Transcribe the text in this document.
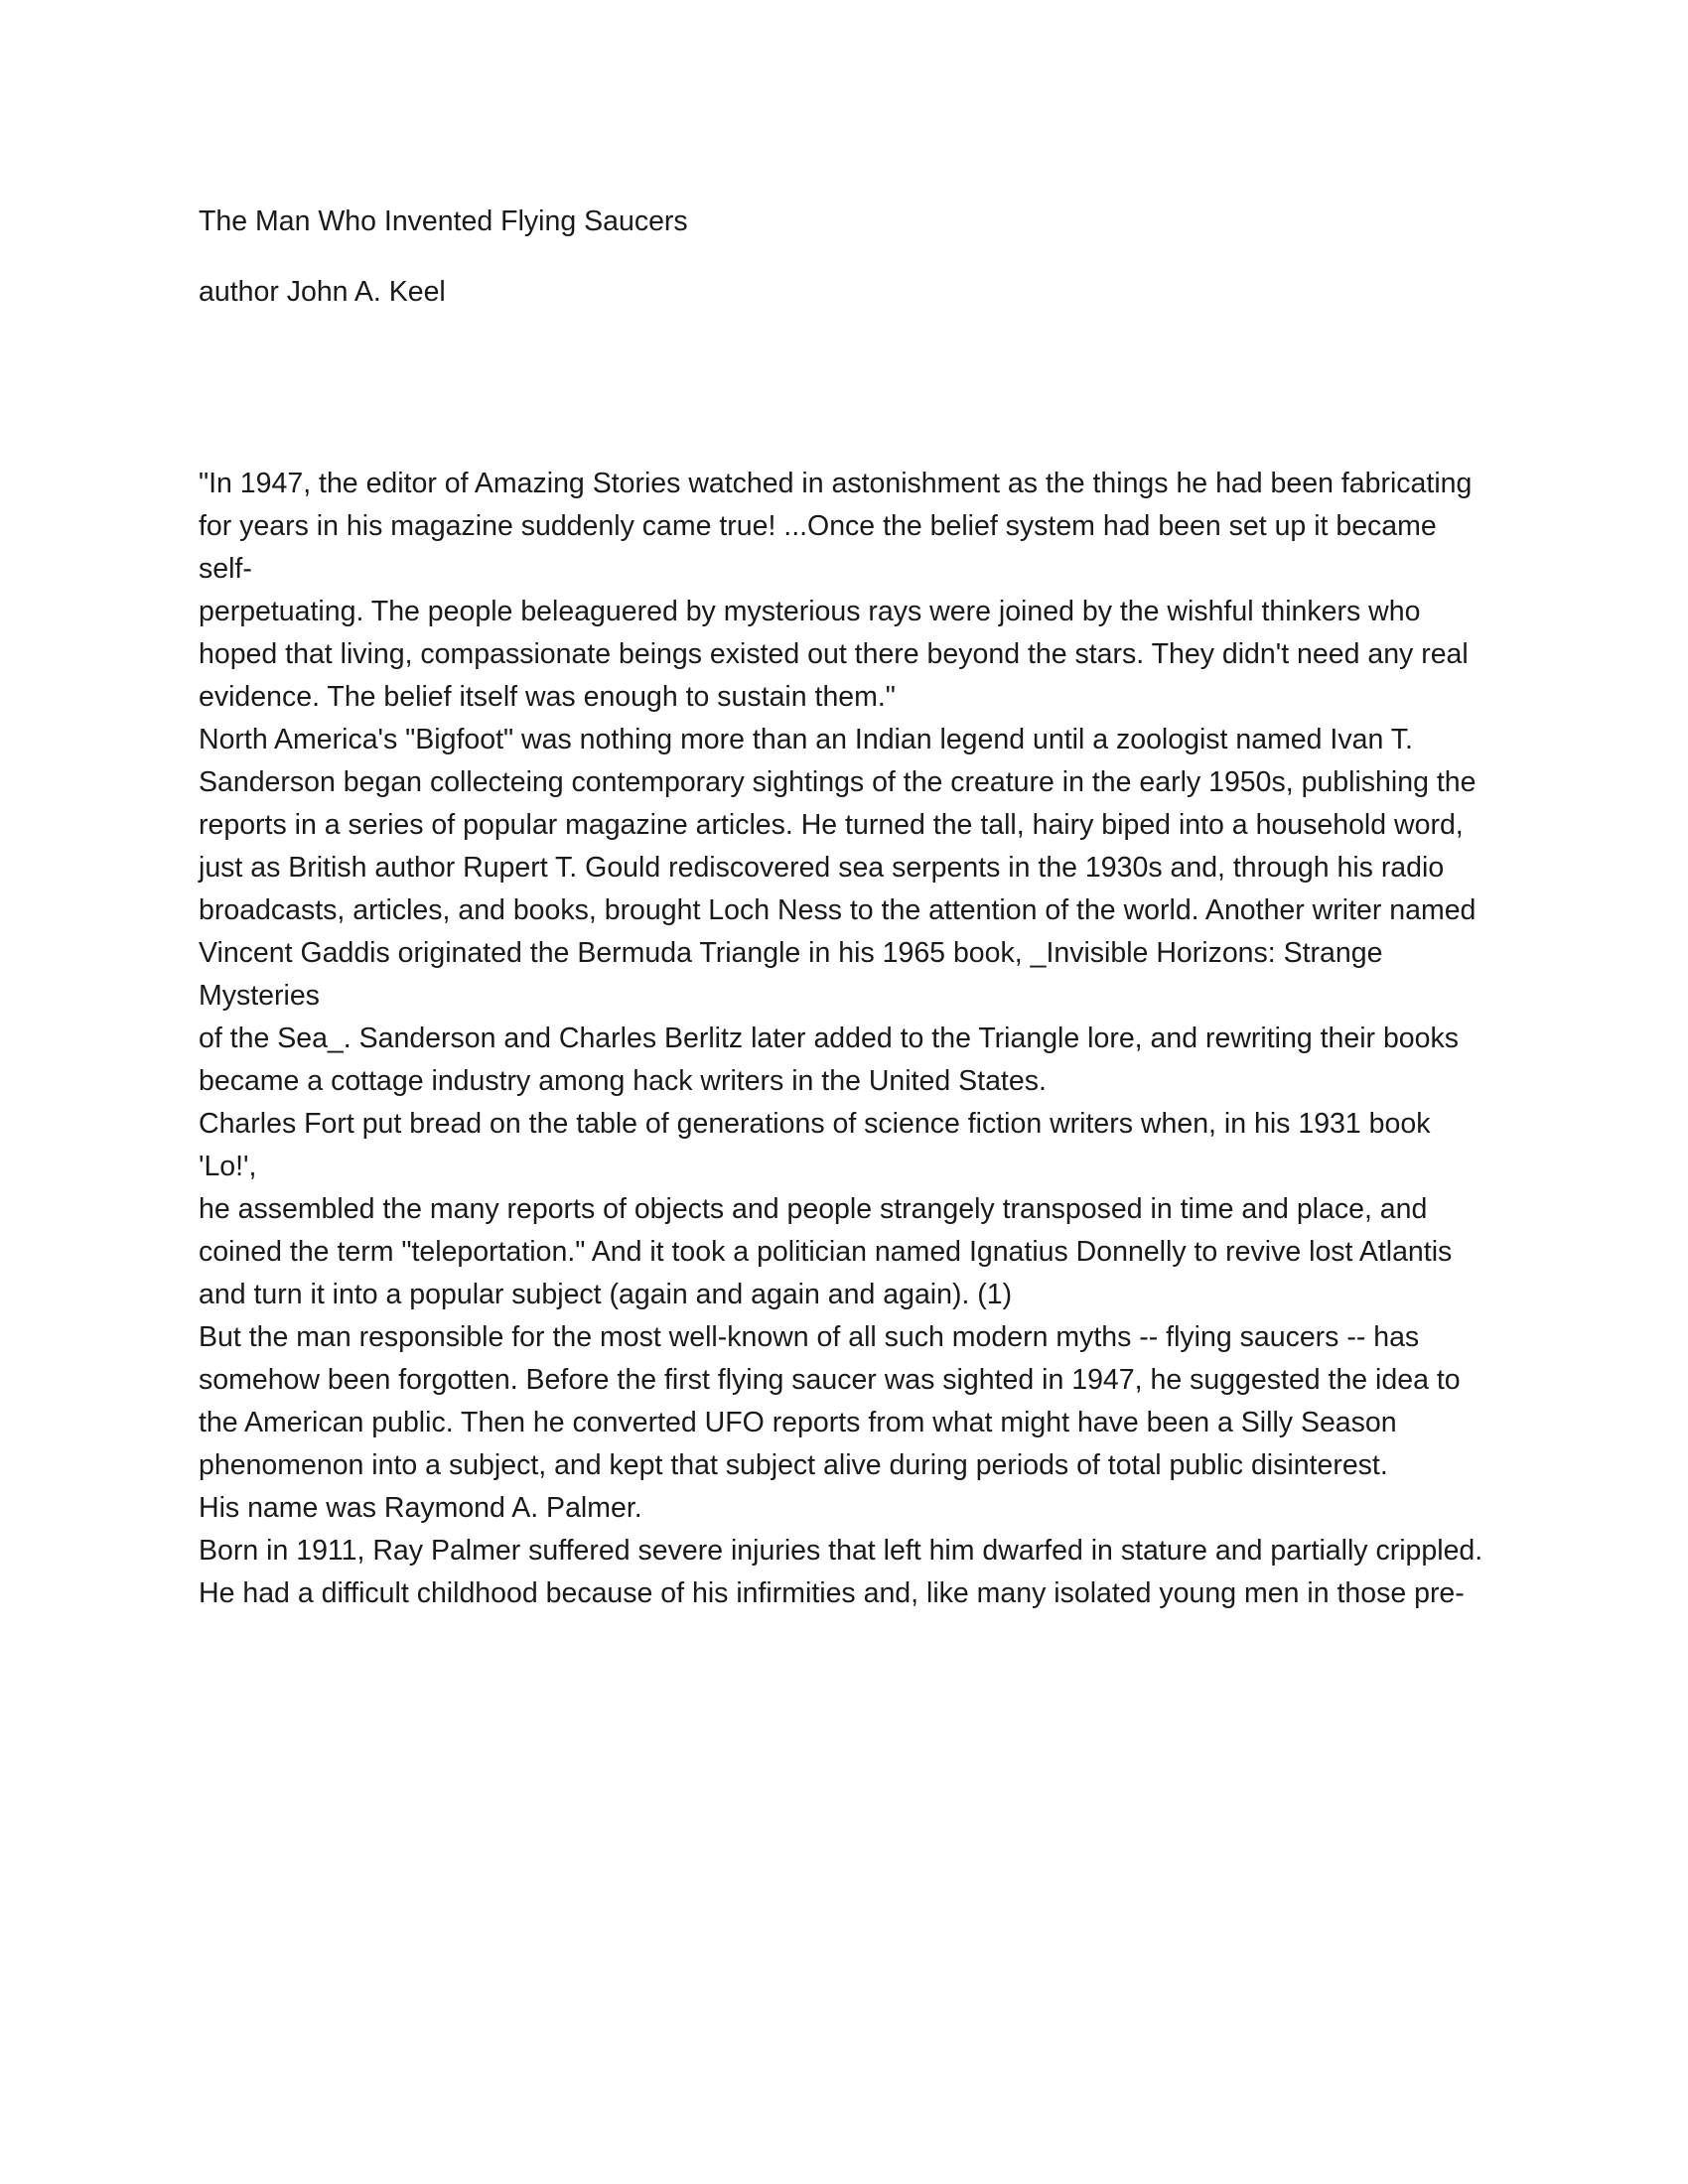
The Man Who Invented Flying Saucers

author John A. Keel

"In 1947, the editor of Amazing Stories watched in astonishment as the things he had been fabricating
for years in his magazine suddenly came true! ...Once the belief system had been set up it became self-
perpetuating. The people beleaguered by mysterious rays were joined by the wishful thinkers who
hoped that living, compassionate beings existed out there beyond the stars. They didn't need any real
evidence. The belief itself was enough to sustain them."

North America's "Bigfoot" was nothing more than an Indian legend until a zoologist named Ivan T.
Sanderson began collecteing contemporary sightings of the creature in the early 1950s, publishing the
reports in a series of popular magazine articles. He turned the tall, hairy biped into a household word,
just as British author Rupert T. Gould rediscovered sea serpents in the 1930s and, through his radio
broadcasts, articles, and books, brought Loch Ness to the attention of the world. Another writer named
Vincent Gaddis originated the Bermuda Triangle in his 1965 book, _Invisible Horizons: Strange Mysteries
of the Sea_. Sanderson and Charles Berlitz later added to the Triangle lore, and rewriting their books
became a cottage industry among hack writers in the United States.

Charles Fort put bread on the table of generations of science fiction writers when, in his 1931 book 'Lo!',
he assembled the many reports of objects and people strangely transposed in time and place, and
coined the term "teleportation." And it took a politician named Ignatius Donnelly to revive lost Atlantis
and turn it into a popular subject (again and again and again). (1)

But the man responsible for the most well-known of all such modern myths -- flying saucers -- has
somehow been forgotten. Before the first flying saucer was sighted in 1947, he suggested the idea to
the American public. Then he converted UFO reports from what might have been a Silly Season
phenomenon into a subject, and kept that subject alive during periods of total public disinterest.

His name was Raymond A. Palmer.

Born in 1911, Ray Palmer suffered severe injuries that left him dwarfed in stature and partially crippled.
He had a difficult childhood because of his infirmities and, like many isolated young men in those pre-
